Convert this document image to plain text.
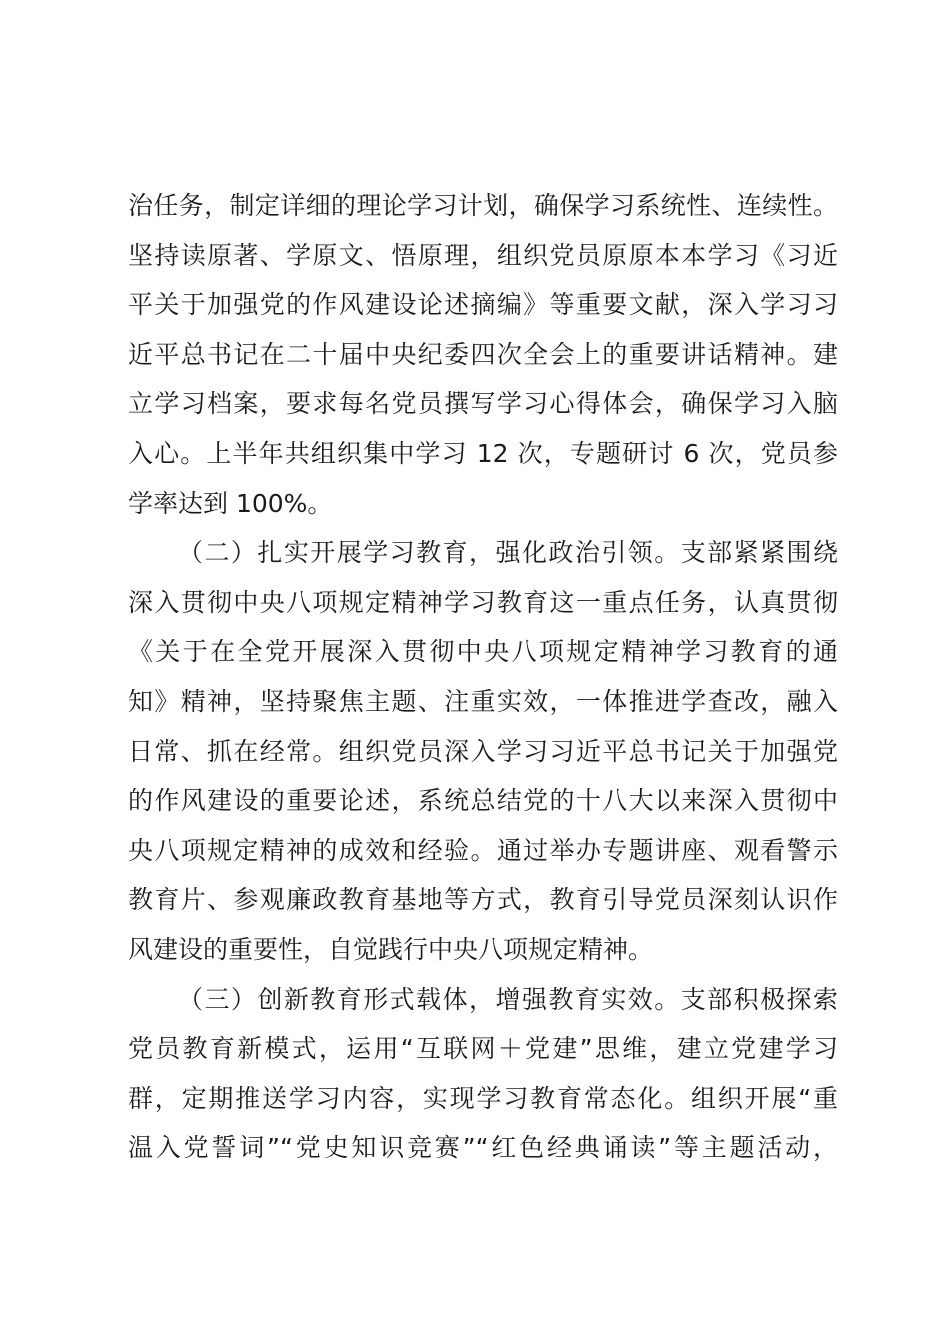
治任务，制定详细的理论学习计划，确保学习系统性、连续性。
坚持读原著、学原文、悟原理，组织党员原原本本学习《习近
平关于加强党的作风建设论述摘编》等重要文献，深入学习习
近平总书记在二十届中央纪委四次全会上的重要讲话精神。建
立学习档案，要求每名党员撰写学习心得体会，确保学习入脑
入心。上半年共组织集中学习 12 次，专题研讨 6 次，党员参
学率达到 100%。
（二）扎实开展学习教育，强化政治引领。支部紧紧围绕
深入贯彻中央八项规定精神学习教育这一重点任务，认真贯彻
《关于在全党开展深入贯彻中央八项规定精神学习教育的通
知》精神，坚持聚焦主题、注重实效，一体推进学查改，融入
日常、抓在经常。组织党员深入学习习近平总书记关于加强党
的作风建设的重要论述，系统总结党的十八大以来深入贯彻中
央八项规定精神的成效和经验。通过举办专题讲座、观看警示
教育片、参观廉政教育基地等方式，教育引导党员深刻认识作
风建设的重要性，自觉践行中央八项规定精神。
（三）创新教育形式载体，增强教育实效。支部积极探索
党员教育新模式，运用“互联网＋党建”思维，建立党建学习
群，定期推送学习内容，实现学习教育常态化。组织开展“重
温入党誓词”“党史知识竞赛”“红色经典诵读”等主题活动，
